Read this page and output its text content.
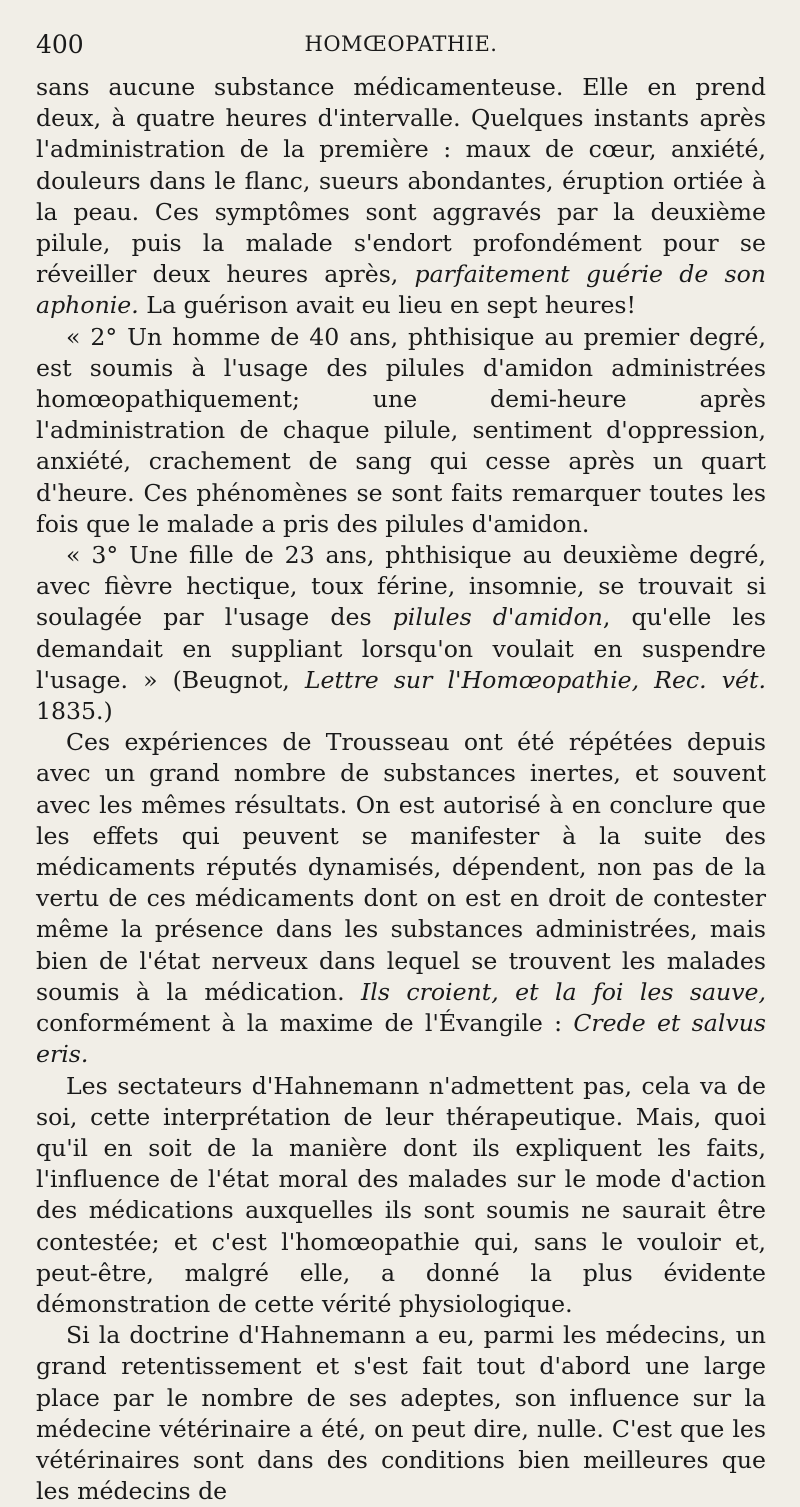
400	HOMŒOPATHIE.

sans aucune substance médicamenteuse. Elle en prend deux, à quatre heures d'intervalle. Quelques instants après l'administration de la première : maux de cœur, anxiété, douleurs dans le flanc, sueurs abondantes, éruption ortiée à la peau. Ces symptômes sont aggravés par la deuxième pilule, puis la malade s'endort profondément pour se réveiller deux heures après, parfaitement guérie de son aphonie. La guérison avait eu lieu en sept heures!

« 2° Un homme de 40 ans, phthisique au premier degré, est soumis à l'usage des pilules d'amidon administrées homœopathiquement; une demi-heure après l'administration de chaque pilule, sentiment d'oppression, anxiété, crachement de sang qui cesse après un quart d'heure. Ces phénomènes se sont faits remarquer toutes les fois que le malade a pris des pilules d'amidon.

« 3° Une fille de 23 ans, phthisique au deuxième degré, avec fièvre hectique, toux férine, insomnie, se trouvait si soulagée par l'usage des pilules d'amidon, qu'elle les demandait en suppliant lorsqu'on voulait en suspendre l'usage. » (Beugnot, Lettre sur l'Homœopathie, Rec. vét. 1835.)

Ces expériences de Trousseau ont été répétées depuis avec un grand nombre de substances inertes, et souvent avec les mêmes résultats. On est autorisé à en conclure que les effets qui peuvent se manifester à la suite des médicaments réputés dynamisés, dépendent, non pas de la vertu de ces médicaments dont on est en droit de contester même la présence dans les substances administrées, mais bien de l'état nerveux dans lequel se trouvent les malades soumis à la médication. Ils croient, et la foi les sauve, conformément à la maxime de l'Évangile : Crede et salvus eris.

Les sectateurs d'Hahnemann n'admettent pas, cela va de soi, cette interprétation de leur thérapeutique. Mais, quoi qu'il en soit de la manière dont ils expliquent les faits, l'influence de l'état moral des malades sur le mode d'action des médications auxquelles ils sont soumis ne saurait être contestée; et c'est l'homœopathie qui, sans le vouloir et, peut-être, malgré elle, a donné la plus évidente démonstration de cette vérité physiologique.

Si la doctrine d'Hahnemann a eu, parmi les médecins, un grand retentissement et s'est fait tout d'abord une large place par le nombre de ses adeptes, son influence sur la médecine vétérinaire a été, on peut dire, nulle. C'est que les vétérinaires sont dans des conditions bien meilleures que les médecins de
